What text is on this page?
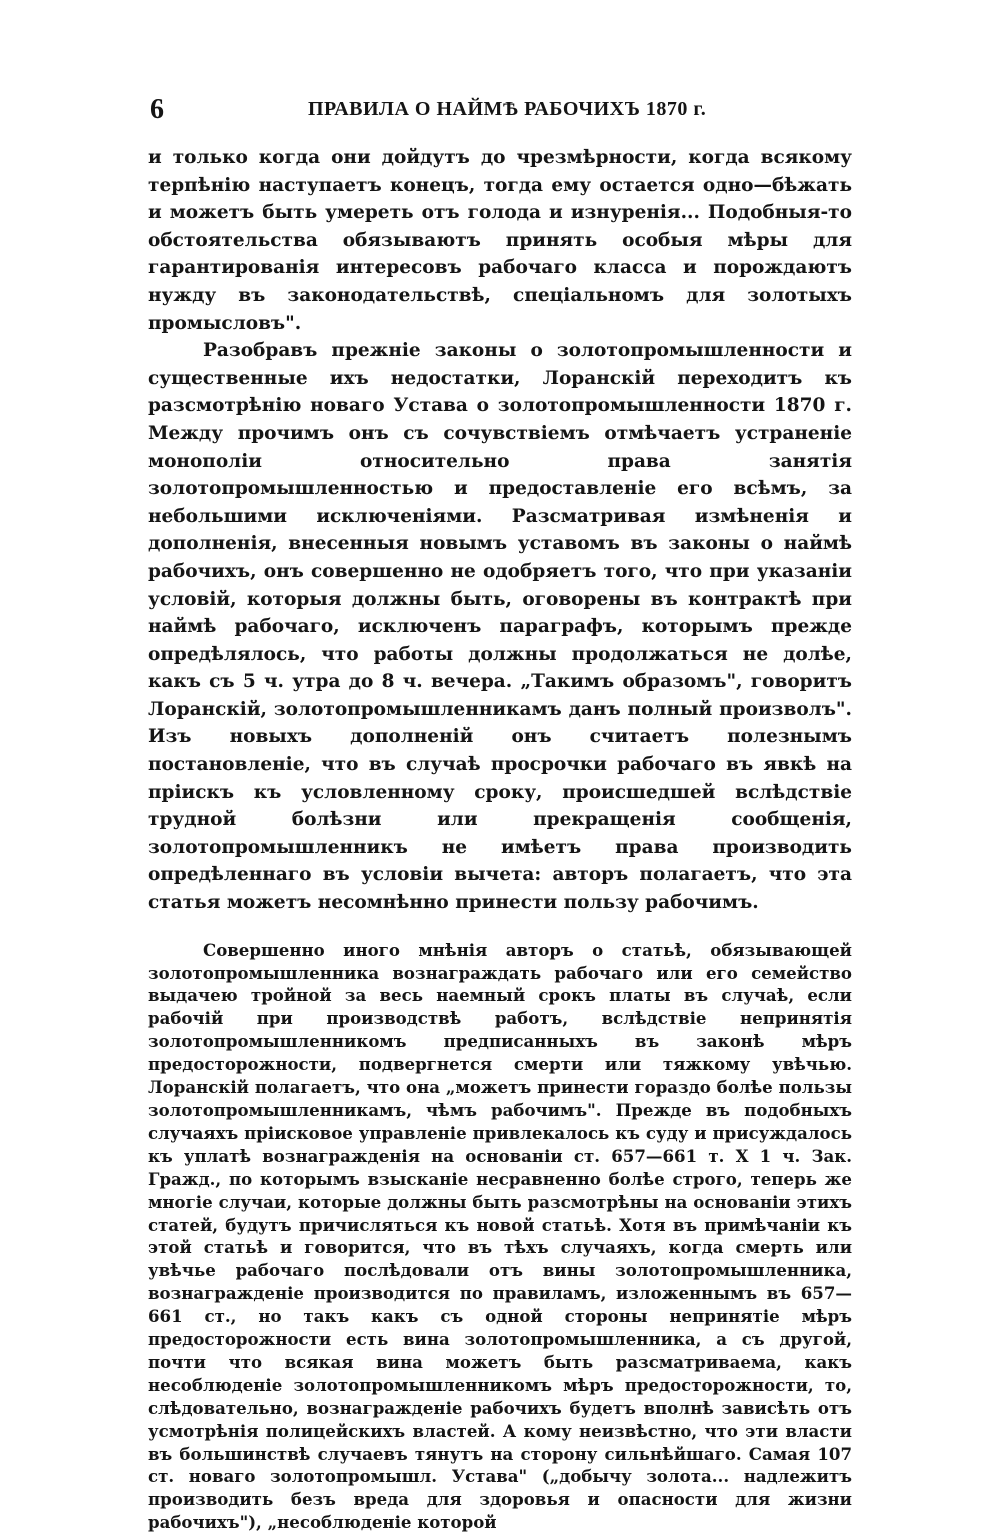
6	ПРАВИЛА О НАЙМѢ РАБОЧИХЪ 1870 г.

и только когда они дойдутъ до чрезмѣрности, когда всякому терпѣнію наступаетъ конецъ, тогда ему остается одно—бѣжать и можетъ быть умереть отъ голода и изнуренія... Подобныя-то обстоятельства обязываютъ принять особыя мѣры для гарантированія интересовъ рабочаго класса и порождаютъ нужду въ законодательствѣ, спеціальномъ для золотыхъ промысловъ".

Разобравъ прежніе законы о золотопромышленности и существенные ихъ недостатки, Лоранскій переходитъ къ разсмотрѣнію новаго Устава о золотопромышленности 1870 г. Между прочимъ онъ съ сочувствіемъ отмѣчаетъ устраненіе монополіи относительно права занятія золотопромышленностью и предоставленіе его всѣмъ, за небольшими исключеніями. Разсматривая измѣненія и дополненія, внесенныя новымъ уставомъ въ законы о наймѣ рабочихъ, онъ совершенно не одобряетъ того, что при указаніи условій, которыя должны быть, оговорены въ контрактѣ при наймѣ рабочаго, исключенъ параграфъ, которымъ прежде опредѣлялось, что работы должны продолжаться не долѣе, какъ съ 5 ч. утра до 8 ч. вечера. „Такимъ образомъ", говоритъ Лоранскій, золотопромышленникамъ данъ полный произволъ". Изъ новыхъ дополненій онъ считаетъ полезнымъ постановленіе, что въ случаѣ просрочки рабочаго въ явкѣ на пріискъ къ условленному сроку, происшедшей вслѣдствіе трудной болѣзни или прекращенія сообщенія, золотопромышленникъ не имѣетъ права производить опредѣленнаго въ условіи вычета: авторъ полагаетъ, что эта статья можетъ несомнѣнно принести пользу рабочимъ.

Совершенно иного мнѣнія авторъ о статьѣ, обязывающей золотопромышленника вознаграждать рабочаго или его семейство выдачею тройной за весь наемный срокъ платы въ случаѣ, если рабочій при производствѣ работъ, вслѣдствіе непринятія золотопромышленникомъ предписанныхъ въ законѣ мѣръ предосторожности, подвергнется смерти или тяжкому увѣчью. Лоранскій полагаетъ, что она „можетъ принести гораздо болѣе пользы золотопромышленникамъ, чѣмъ рабочимъ". Прежде въ подобныхъ случаяхъ пріисковое управленіе привлекалось къ суду и присуждалось къ уплатѣ вознагражденія на основаніи ст. 657—661 т. X 1 ч. Зак. Гражд., по которымъ взысканіе несравненно болѣе строго, теперь же многіе случаи, которые должны быть разсмотрѣны на основаніи этихъ статей, будутъ причисляться къ новой статьѣ. Хотя въ примѣчаніи къ этой статьѣ и говорится, что въ тѣхъ случаяхъ, когда смерть или увѣчье рабочаго послѣдовали отъ вины золотопромышленника, вознагражденіе производится по правиламъ, изложеннымъ въ 657—661 ст., но такъ какъ съ одной стороны непринятіе мѣръ предосторожности есть вина золотопромышленника, а съ другой, почти что всякая вина можетъ быть разсматриваема, какъ несоблюденіе золотопромышленникомъ мѣръ предосторожности, то, слѣдовательно, вознагражденіе рабочихъ будетъ вполнѣ зависѣть отъ усмотрѣнія полицейскихъ властей. А кому неизвѣстно, что эти власти въ большинствѣ случаевъ тянутъ на сторону сильнѣйшаго. Самая 107 ст. новаго золотопромышл. Устава" („добычу золота... надлежитъ производить безъ вреда для здоровья и опасности для жизни рабочихъ"), „несоблюденіе которой
